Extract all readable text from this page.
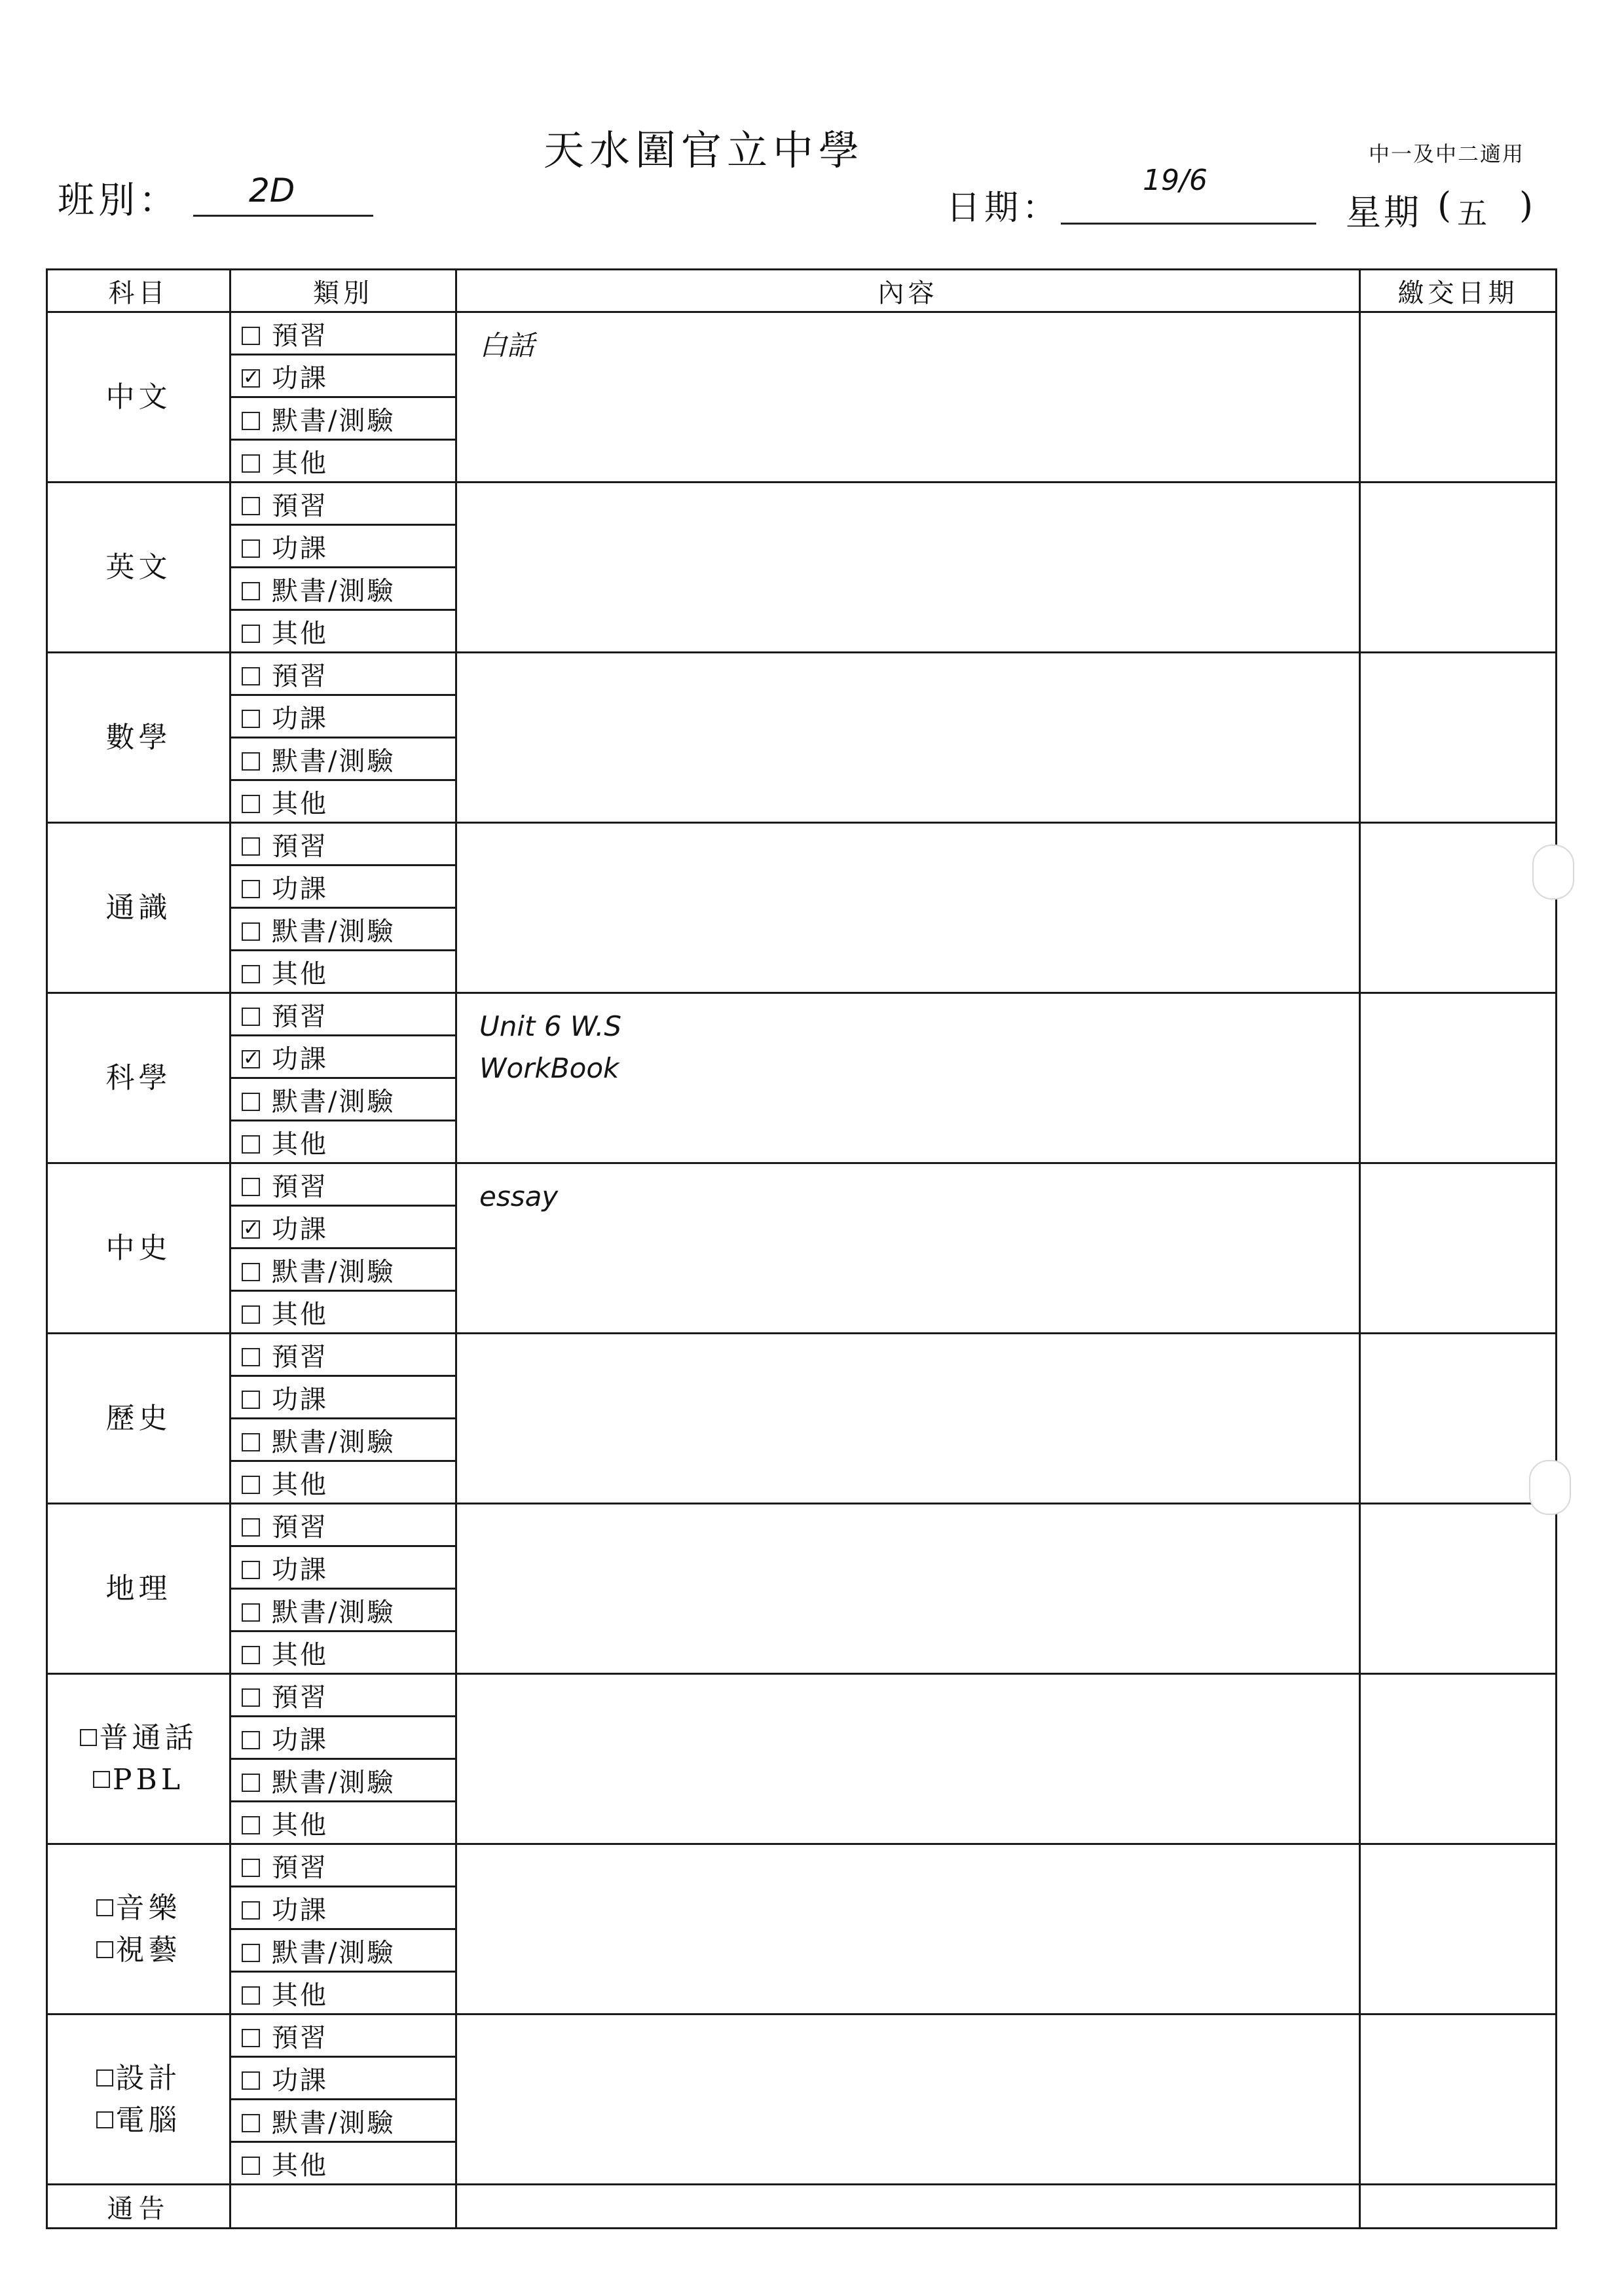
天水圍官立中學	中一及中二適用
班別： 2D	日期：
19/6
星期 ( 五 )
科目	類別	內容	繳交日期

中文	預習	白話	

	✓ 功課		
	默書/測驗		
	其他		

英文	預習	

	功課		
	默書/測驗		
	其他		

數學	預習	

	功課		
	默書/測驗		
	其他		

通識	預習	

	功課		
	默書/測驗		
	其他		

科學	預習	Unit 6 W.S
WorkBook	

	✓ 功課		
	默書/測驗		
	其他		

中史	預習	essay	

	✓ 功課		
	默書/測驗		
	其他		

歷史	預習	

	功課		
	默書/測驗		
	其他		

地理	預習	

	功課		
	默書/測驗		
	其他		

普通話
PBL	預習	

	功課		
	默書/測驗		
	其他		

音樂
視藝	預習	

	功課		
	默書/測驗		
	其他		

設計
電腦	預習	

	功課		
	默書/測驗		
	其他		
通告			
